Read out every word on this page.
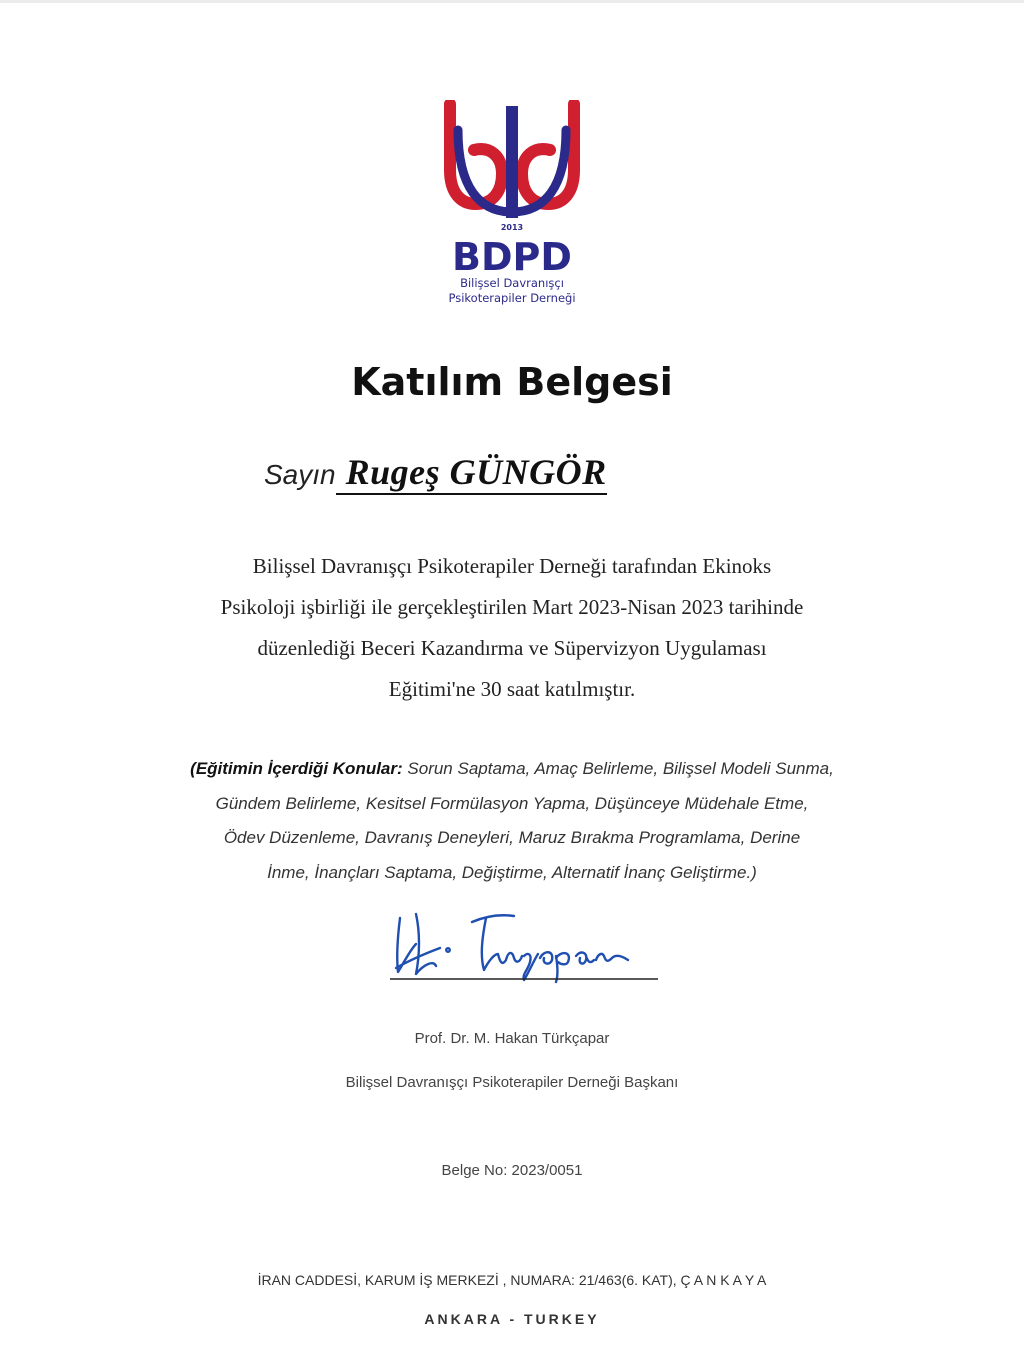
2013
BDPD
Bilişsel Davranışçı
Psikoterapiler Derneği
Katılım Belgesi
Sayın Rugeş GÜNGÖR
Bilişsel Davranışçı Psikoterapiler Derneği tarafından Ekinoks
Psikoloji işbirliği ile gerçekleştirilen Mart 2023-Nisan 2023 tarihinde
düzenlediği Beceri Kazandırma ve Süpervizyon Uygulaması
Eğitimi'ne 30 saat katılmıştır.
(Eğitimin İçerdiği Konular: Sorun Saptama, Amaç Belirleme, Bilişsel Modeli Sunma,
Gündem Belirleme, Kesitsel Formülasyon Yapma, Düşünceye Müdehale Etme,
Ödev Düzenleme, Davranış Deneyleri, Maruz Bırakma Programlama, Derine
İnme, İnançları Saptama, Değiştirme, Alternatif İnanç Geliştirme.)
Prof. Dr. M. Hakan Türkçapar
Bilişsel Davranışçı Psikoterapiler Derneği Başkanı
Belge No: 2023/0051
İRAN CADDESİ, KARUM İŞ MERKEZİ , NUMARA: 21/463(6. KAT), Ç A N K A Y A
ANKARA - TURKEY
